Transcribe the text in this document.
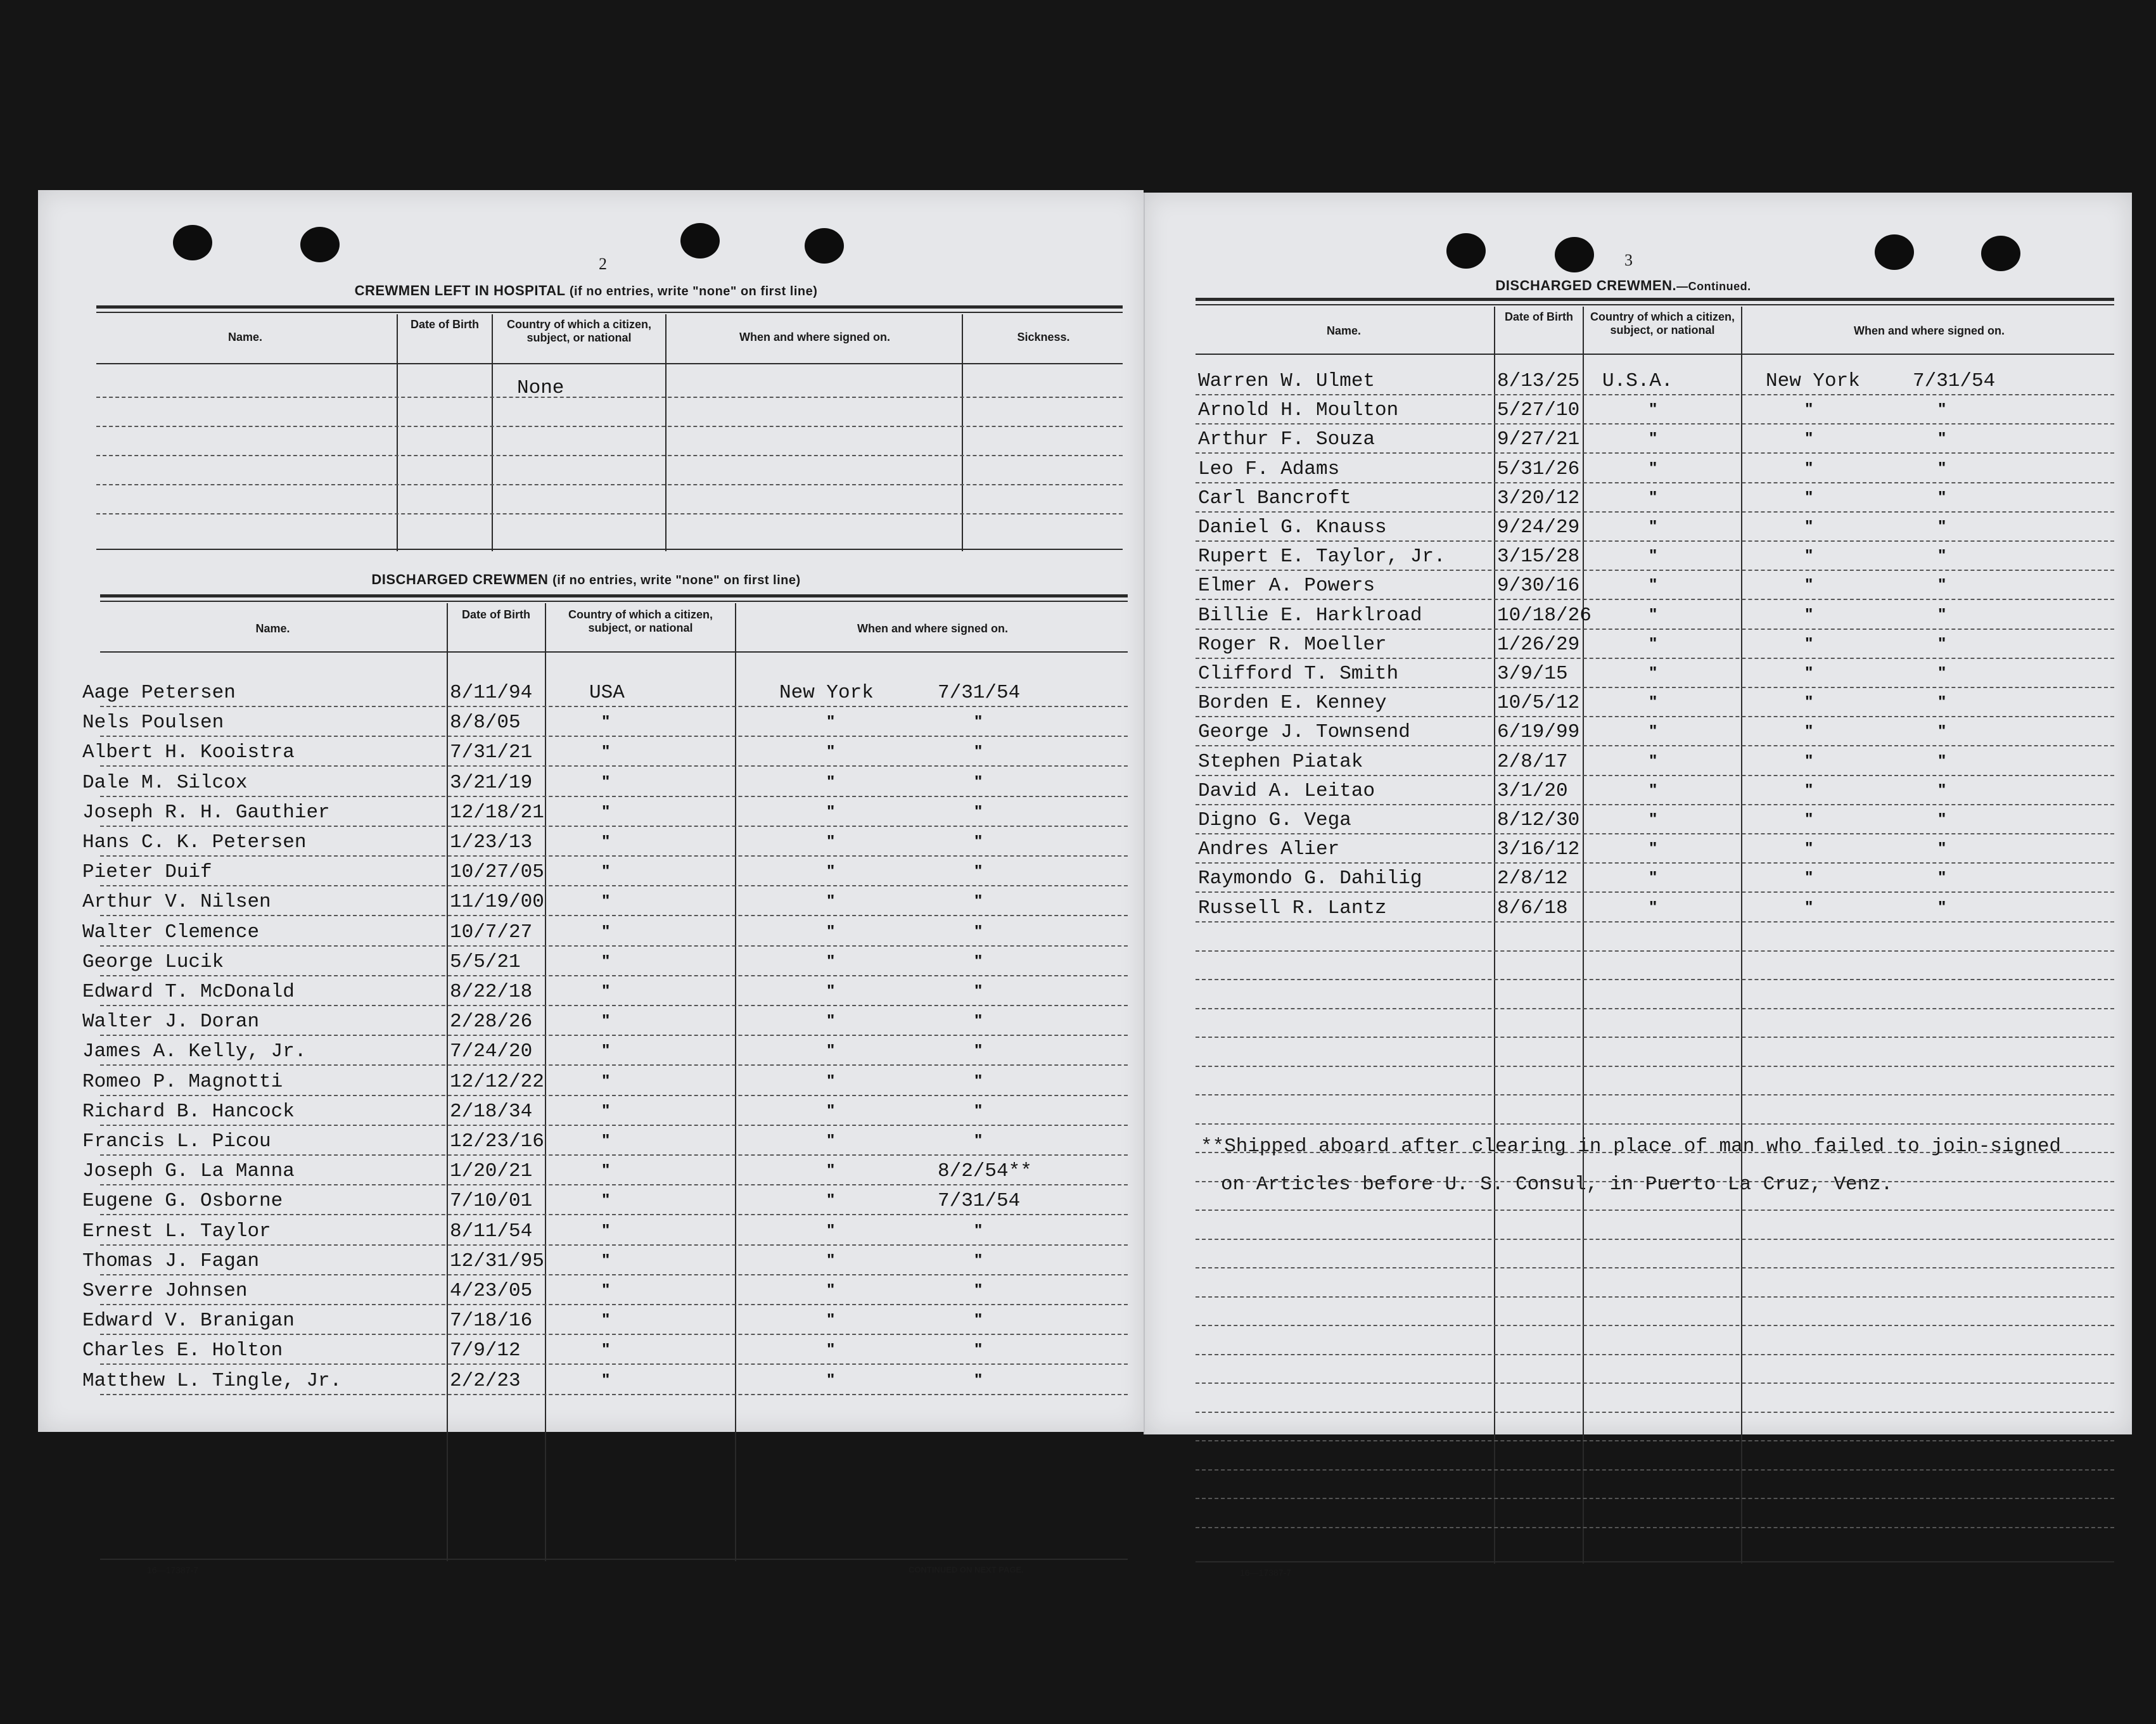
2
CREWMEN LEFT IN HOSPITAL (if no entries, write "none" on first line)
Name.
Date of Birth	Country of which a citizen, subject, or national	When and where signed on.	Sickness.
None
DISCHARGED CREWMEN (if no entries, write "none" on first line)
Name.
Date of Birth	Country of which a citizen, subject, or national	When and where signed on.
Aage Petersen	8/11/94	USA	New York	7/31/54
Nels Poulsen	8/8/05	"	"	"
Albert H. Kooistra	7/31/21	"	"	"
Dale M. Silcox	3/21/19	"	"	"
Joseph R. H. Gauthier	12/18/21	"	"	"
Hans C. K. Petersen	1/23/13	"	"	"
Pieter Duif	10/27/05	"	"	"
Arthur V. Nilsen	11/19/00	"	"	"
Walter Clemence	10/7/27	"	"	"
George Lucik	5/5/21	"	"	"
Edward T. McDonald	8/22/18	"	"	"
Walter J. Doran	2/28/26	"	"	"
James A. Kelly, Jr.	7/24/20	"	"	"
Romeo P. Magnotti	12/12/22	"	"	"
Richard B. Hancock	2/18/34	"	"	"
Francis L. Picou	12/23/16	"	"	"
Joseph G. La Manna	1/20/21	"	"	8/2/54**
Eugene G. Osborne	7/10/01	"	"	7/31/54
Ernest L. Taylor	8/11/54	"	"	"
Thomas J. Fagan	12/31/95	"	"	"
Sverre Johnsen	4/23/05	"	"	"
Edward V. Branigan	7/18/16	"	"	"
Charles E. Holton	7/9/12	"	"	"
Matthew L. Tingle, Jr.	2/2/23	"	"	"
16—17387-7	CONTINUED ON NEXT PAGE.
3
DISCHARGED CREWMEN.—Continued.
Name.
Date of Birth	Country of which a citizen, subject, or national	When and where signed on.
Warren W. Ulmet	8/13/25 U.S.A.	New York	7/31/54
Arnold H. Moulton	5/27/10	"	"	"
Arthur F. Souza	9/27/21	"	"	"
Leo F. Adams	5/31/26	"	"	"
Carl Bancroft	3/20/12	"	"	"
Daniel G. Knauss	9/24/29	"	"	"
Rupert E. Taylor, Jr.	3/15/28	"	"	"
Elmer A. Powers	9/30/16	"	"	"
Billie E. Harklroad	10/18/26	"	"	"
Roger R. Moeller	1/26/29	"	"	"
Clifford T. Smith	3/9/15	"	"	"
Borden E. Kenney	10/5/12	"	"	"
George J. Townsend	6/19/99	"	"	"
Stephen Piatak	2/8/17	"	"	"
David A. Leitao	3/1/20	"	"	"
Digno G. Vega	8/12/30	"	"	"
Andres Alier	3/16/12	"	"	"
Raymondo G. Dahilig	2/8/12	"	"	"
Russell R. Lantz	8/6/18	"	"	"
**Shipped aboard after clearing in place of man who failed to join-signed
on Articles before U. S. Consul, in Puerto La Cruz, Venz.
16—17387-7
